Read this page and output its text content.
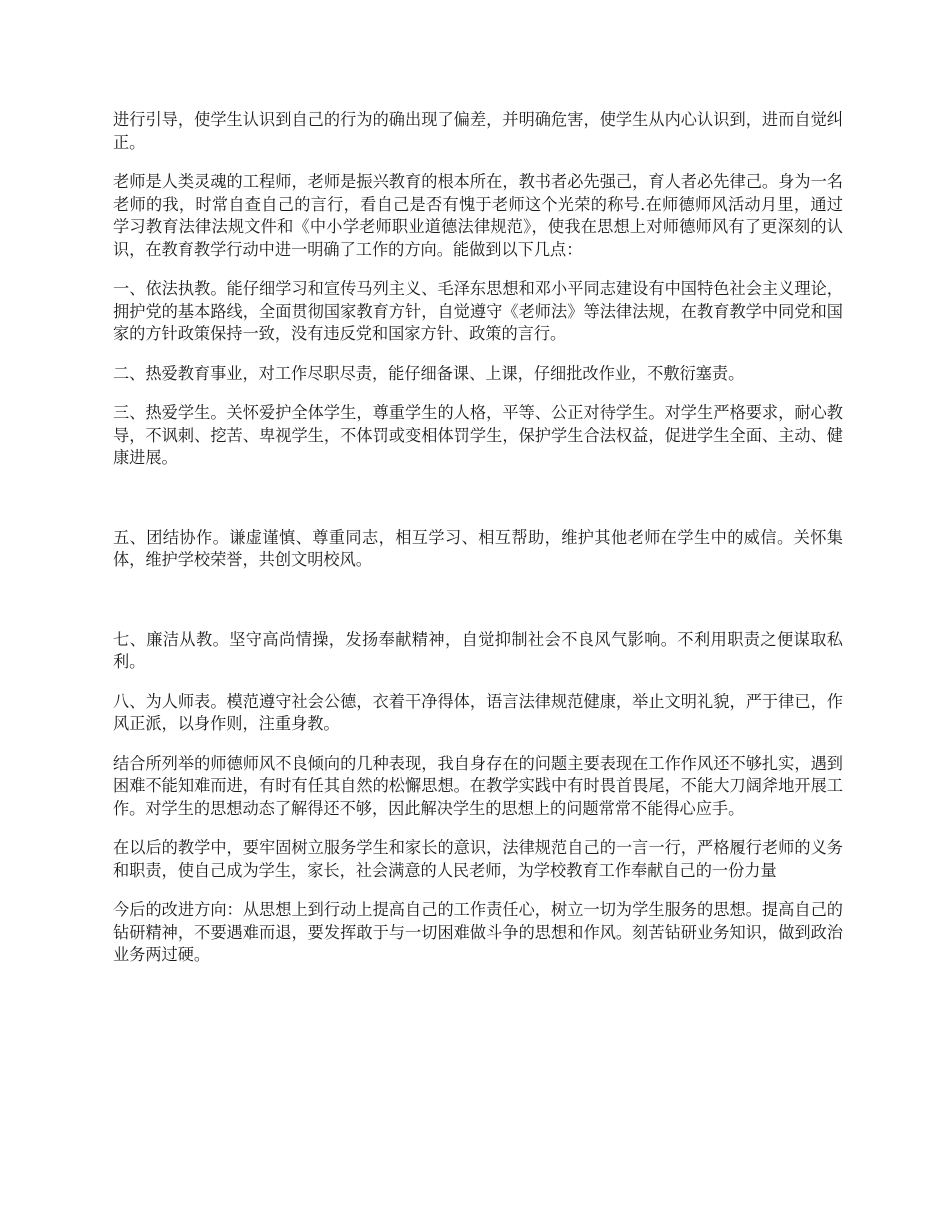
进行引导，使学生认识到自己的行为的确出现了偏差，并明确危害，使学生从内心认识到，进而自觉纠正。

老师是人类灵魂的工程师，老师是振兴教育的根本所在，教书者必先强己，育人者必先律己。身为一名老师的我，时常自查自己的言行，看自己是否有愧于老师这个光荣的称号.在师德师风活动月里，通过学习教育法律法规文件和《中小学老师职业道德法律规范》，使我在思想上对师德师风有了更深刻的认识，在教育教学行动中进一明确了工作的方向。能做到以下几点：

一、依法执教。能仔细学习和宣传马列主义、毛泽东思想和邓小平同志建设有中国特色社会主义理论，拥护党的基本路线，全面贯彻国家教育方针，自觉遵守《老师法》等法律法规，在教育教学中同党和国家的方针政策保持一致，没有违反党和国家方针、政策的言行。

二、热爱教育事业，对工作尽职尽责，能仔细备课、上课，仔细批改作业，不敷衍塞责。

三、热爱学生。关怀爱护全体学生，尊重学生的人格，平等、公正对待学生。对学生严格要求，耐心教导，不讽刺、挖苦、卑视学生，不体罚或变相体罚学生，保护学生合法权益，促进学生全面、主动、健康进展。

五、团结协作。谦虚谨慎、尊重同志，相互学习、相互帮助，维护其他老师在学生中的威信。关怀集体，维护学校荣誉，共创文明校风。

七、廉洁从教。坚守高尚情操，发扬奉献精神，自觉抑制社会不良风气影响。不利用职责之便谋取私利。

八、为人师表。模范遵守社会公德，衣着干净得体，语言法律规范健康，举止文明礼貌，严于律已，作风正派，以身作则，注重身教。

结合所列举的师德师风不良倾向的几种表现，我自身存在的问题主要表现在工作作风还不够扎实，遇到困难不能知难而进，有时有任其自然的松懈思想。在教学实践中有时畏首畏尾，不能大刀阔斧地开展工作。对学生的思想动态了解得还不够，因此解决学生的思想上的问题常常不能得心应手。

在以后的教学中，要牢固树立服务学生和家长的意识，法律规范自己的一言一行，严格履行老师的义务和职责，使自己成为学生，家长，社会满意的人民老师，为学校教育工作奉献自己的一份力量

今后的改进方向：从思想上到行动上提高自己的工作责任心，树立一切为学生服务的思想。提高自己的钻研精神，不要遇难而退，要发挥敢于与一切困难做斗争的思想和作风。刻苦钻研业务知识，做到政治业务两过硬。
